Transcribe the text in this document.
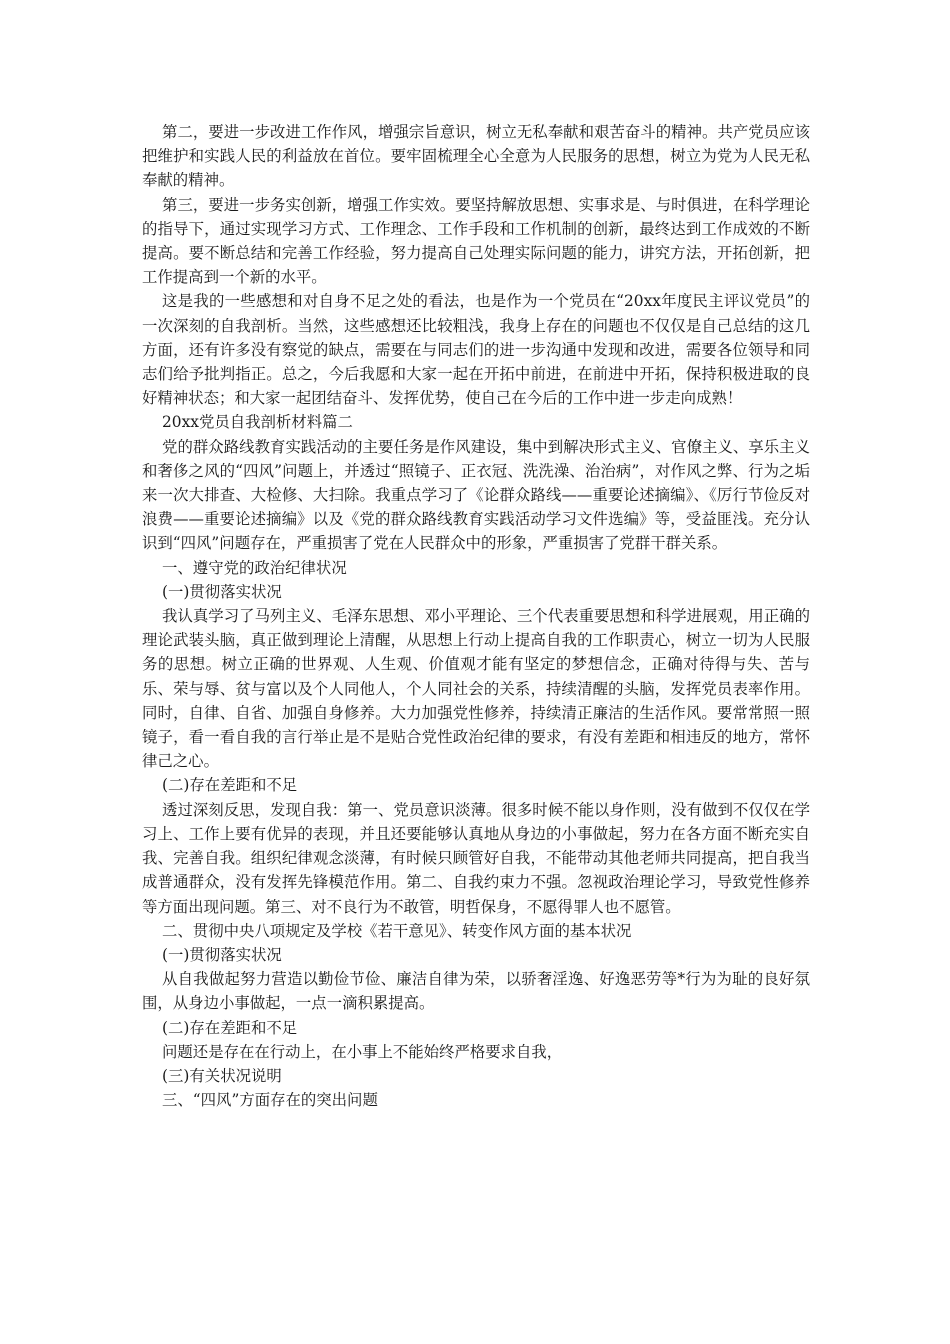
第二，要进一步改进工作作风，增强宗旨意识，树立无私奉献和艰苦奋斗的精神。共产党员应该把维护和实践人民的利益放在首位。要牢固梳理全心全意为人民服务的思想，树立为党为人民无私奉献的精神。

第三，要进一步务实创新，增强工作实效。要坚持解放思想、实事求是、与时俱进，在科学理论的指导下，通过实现学习方式、工作理念、工作手段和工作机制的创新，最终达到工作成效的不断提高。要不断总结和完善工作经验，努力提高自己处理实际问题的能力，讲究方法，开拓创新，把工作提高到一个新的水平。

这是我的一些感想和对自身不足之处的看法，也是作为一个党员在“20xx年度民主评议党员”的一次深刻的自我剖析。当然，这些感想还比较粗浅，我身上存在的问题也不仅仅是自己总结的这几方面，还有许多没有察觉的缺点，需要在与同志们的进一步沟通中发现和改进，需要各位领导和同志们给予批判指正。总之，今后我愿和大家一起在开拓中前进，在前进中开拓，保持积极进取的良好精神状态；和大家一起团结奋斗、发挥优势，使自己在今后的工作中进一步走向成熟！

20xx党员自我剖析材料篇二

党的群众路线教育实践活动的主要任务是作风建设，集中到解决形式主义、官僚主义、享乐主义和奢侈之风的“四风”问题上，并透过“照镜子、正衣冠、洗洗澡、治治病”，对作风之弊、行为之垢来一次大排查、大检修、大扫除。我重点学习了《论群众路线——重要论述摘编》、《厉行节俭反对浪费——重要论述摘编》以及《党的群众路线教育实践活动学习文件选编》等，受益匪浅。充分认识到“四风”问题存在，严重损害了党在人民群众中的形象，严重损害了党群干群关系。

一、遵守党的政治纪律状况

(一)贯彻落实状况

我认真学习了马列主义、毛泽东思想、邓小平理论、三个代表重要思想和科学进展观，用正确的理论武装头脑，真正做到理论上清醒，从思想上行动上提高自我的工作职责心，树立一切为人民服务的思想。树立正确的世界观、人生观、价值观才能有坚定的梦想信念，正确对待得与失、苦与乐、荣与辱、贫与富以及个人同他人，个人同社会的关系，持续清醒的头脑，发挥党员表率作用。同时，自律、自省、加强自身修养。大力加强党性修养，持续清正廉洁的生活作风。要常常照一照镜子，看一看自我的言行举止是不是贴合党性政治纪律的要求，有没有差距和相违反的地方，常怀律己之心。

(二)存在差距和不足

透过深刻反思，发现自我：第一、党员意识淡薄。很多时候不能以身作则，没有做到不仅仅在学习上、工作上要有优异的表现，并且还要能够认真地从身边的小事做起，努力在各方面不断充实自我、完善自我。组织纪律观念淡薄，有时候只顾管好自我，不能带动其他老师共同提高，把自我当成普通群众，没有发挥先锋模范作用。第二、自我约束力不强。忽视政治理论学习，导致党性修养等方面出现问题。第三、对不良行为不敢管，明哲保身，不愿得罪人也不愿管。

二、贯彻中央八项规定及学校《若干意见》、转变作风方面的基本状况

(一)贯彻落实状况

从自我做起努力营造以勤俭节俭、廉洁自律为荣，以骄奢淫逸、好逸恶劳等*行为为耻的良好氛围，从身边小事做起，一点一滴积累提高。

(二)存在差距和不足

问题还是存在在行动上，在小事上不能始终严格要求自我，

(三)有关状况说明

三、“四风”方面存在的突出问题
